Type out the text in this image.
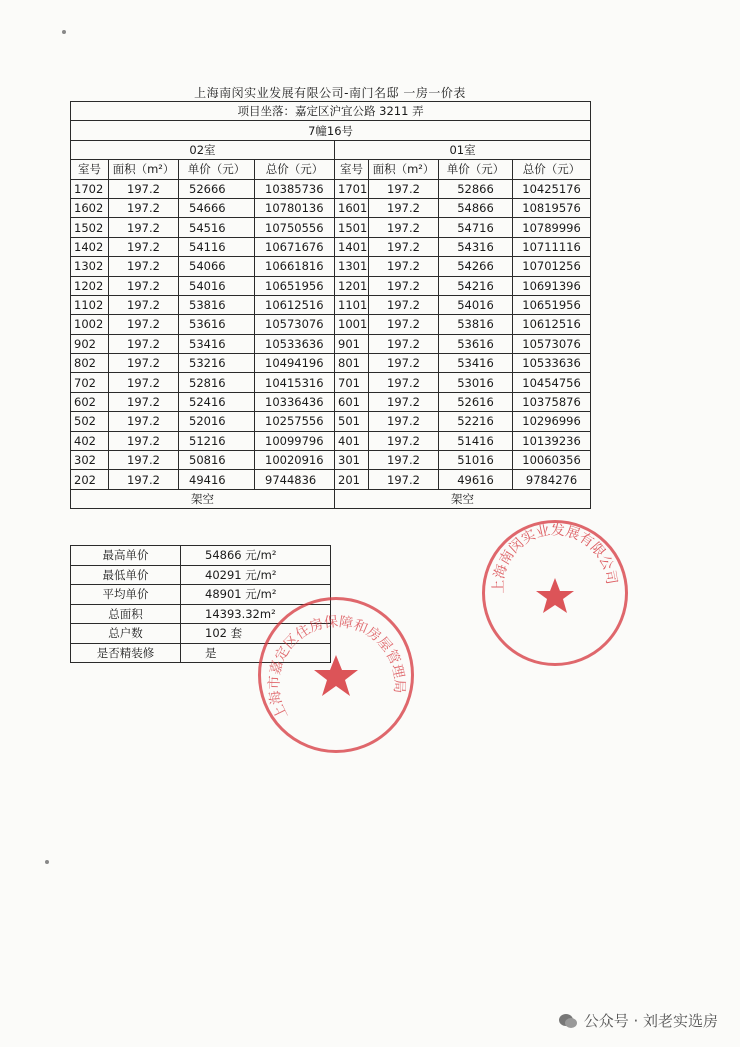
上海南闵实业发展有限公司-南门名邸 一房一价表
项目坐落：嘉定区沪宜公路 3211 弄							
7幢16号							
02室				01室			
室号	面积（m²）	单价（元）	总价（元）	室号	面积（m²）	单价（元）	总价（元）
1702	197.2	52666	10385736	1701	197.2	52866	10425176
1602	197.2	54666	10780136	1601	197.2	54866	10819576
1502	197.2	54516	10750556	1501	197.2	54716	10789996
1402	197.2	54116	10671676	1401	197.2	54316	10711116
1302	197.2	54066	10661816	1301	197.2	54266	10701256
1202	197.2	54016	10651956	1201	197.2	54216	10691396
1102	197.2	53816	10612516	1101	197.2	54016	10651956
1002	197.2	53616	10573076	1001	197.2	53816	10612516
902	197.2	53416	10533636	901	197.2	53616	10573076
802	197.2	53216	10494196	801	197.2	53416	10533636
702	197.2	52816	10415316	701	197.2	53016	10454756
602	197.2	52416	10336436	601	197.2	52616	10375876
502	197.2	52016	10257556	501	197.2	52216	10296996
402	197.2	51216	10099796	401	197.2	51416	10139236
302	197.2	50816	10020916	301	197.2	51016	10060356
202	197.2	49416	9744836	201	197.2	49616	9784276
架空				架空			
最高单价	54866 元/m²
最低单价	40291 元/m²
平均单价	48901 元/m²
总面积	14393.32m²
总户数	102 套
是否精装修	是
上海南闵实业发展有限公司
上海市嘉定区住房保障和房屋管理局
公众号 · 刘老实选房
